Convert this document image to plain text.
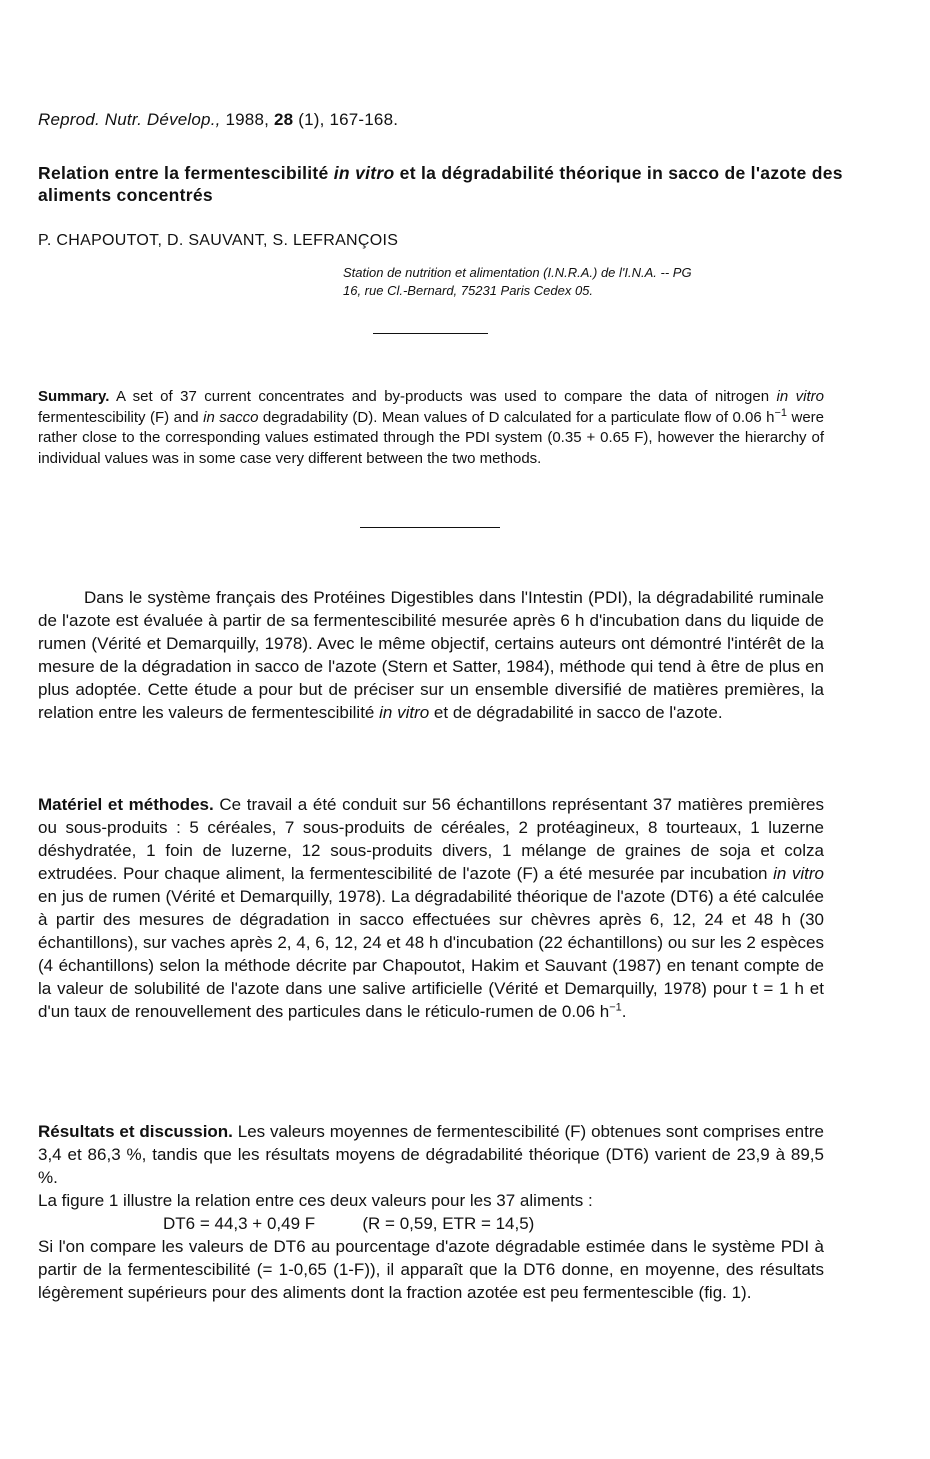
Reprod. Nutr. Dévelop., 1988, 28 (1), 167-168.
Relation entre la fermentescibilité in vitro et la dégradabilité théorique in sacco de l'azote des aliments concentrés
P. CHAPOUTOT, D. SAUVANT, S. LEFRANÇOIS
Station de nutrition et alimentation (I.N.R.A.) de l'I.N.A. -- PG
16, rue Cl.-Bernard, 75231 Paris Cedex 05.
Summary. A set of 37 current concentrates and by-products was used to compare the data of nitrogen in vitro fermentescibility (F) and in sacco degradability (D). Mean values of D calculated for a particulate flow of 0.06 $h^{-1}$ were rather close to the corresponding values estimated through the PDI system (0.35 + 0.65 F), however the hierarchy of individual values was in some case very different between the two methods.
Dans le système français des Protéines Digestibles dans l'Intestin (PDI), la dégradabilité ruminale de l'azote est évaluée à partir de sa fermentescibilité mesurée après 6 h d'incubation dans du liquide de rumen (Vérité et Demarquilly, 1978). Avec le même objectif, certains auteurs ont démontré l'intérêt de la mesure de la dégradation in sacco de l'azote (Stern et Satter, 1984), méthode qui tend à être de plus en plus adoptée. Cette étude a pour but de préciser sur un ensemble diversifié de matières premières, la relation entre les valeurs de fermentescibilité in vitro et de dégradabilité in sacco de l'azote.
Matériel et méthodes. Ce travail a été conduit sur 56 échantillons représentant 37 matières premières ou sous-produits : 5 céréales, 7 sous-produits de céréales, 2 protéagineux, 8 tourteaux, 1 luzerne déshydratée, 1 foin de luzerne, 12 sous-produits divers, 1 mélange de graines de soja et colza extrudées. Pour chaque aliment, la fermentescibilité de l'azote (F) a été mesurée par incubation in vitro en jus de rumen (Vérité et Demarquilly, 1978). La dégradabilité théorique de l'azote (DT6) a été calculée à partir des mesures de dégradation in sacco effectuées sur chèvres après 6, 12, 24 et 48 h (30 échantillons), sur vaches après 2, 4, 6, 12, 24 et 48 h d'incubation (22 échantillons) ou sur les 2 espèces (4 échantillons) selon la méthode décrite par Chapoutot, Hakim et Sauvant (1987) en tenant compte de la valeur de solubilité de l'azote dans une salive artificielle (Vérité et Demarquilly, 1978) pour t = 1 h et d'un taux de renouvellement des particules dans le réticulo-rumen de 0.06 $h^{-1}$.
Résultats et discussion. Les valeurs moyennes de fermentescibilité (F) obtenues sont comprises entre 3,4 et 86,3 %, tandis que les résultats moyens de dégradabilité théorique (DT6) varient de 23,9 à 89,5 %.
La figure 1 illustre la relation entre ces deux valeurs pour les 37 aliments :
DT6 = 44,3 + 0,49 F          (R = 0,59, ETR = 14,5)
Si l'on compare les valeurs de DT6 au pourcentage d'azote dégradable estimée dans le système PDI à partir de la fermentescibilité (= 1-0,65 (1-F)), il apparaît que la DT6 donne, en moyenne, des résultats légèrement supérieurs pour des aliments dont la fraction azotée est peu fermentescible (fig. 1).
